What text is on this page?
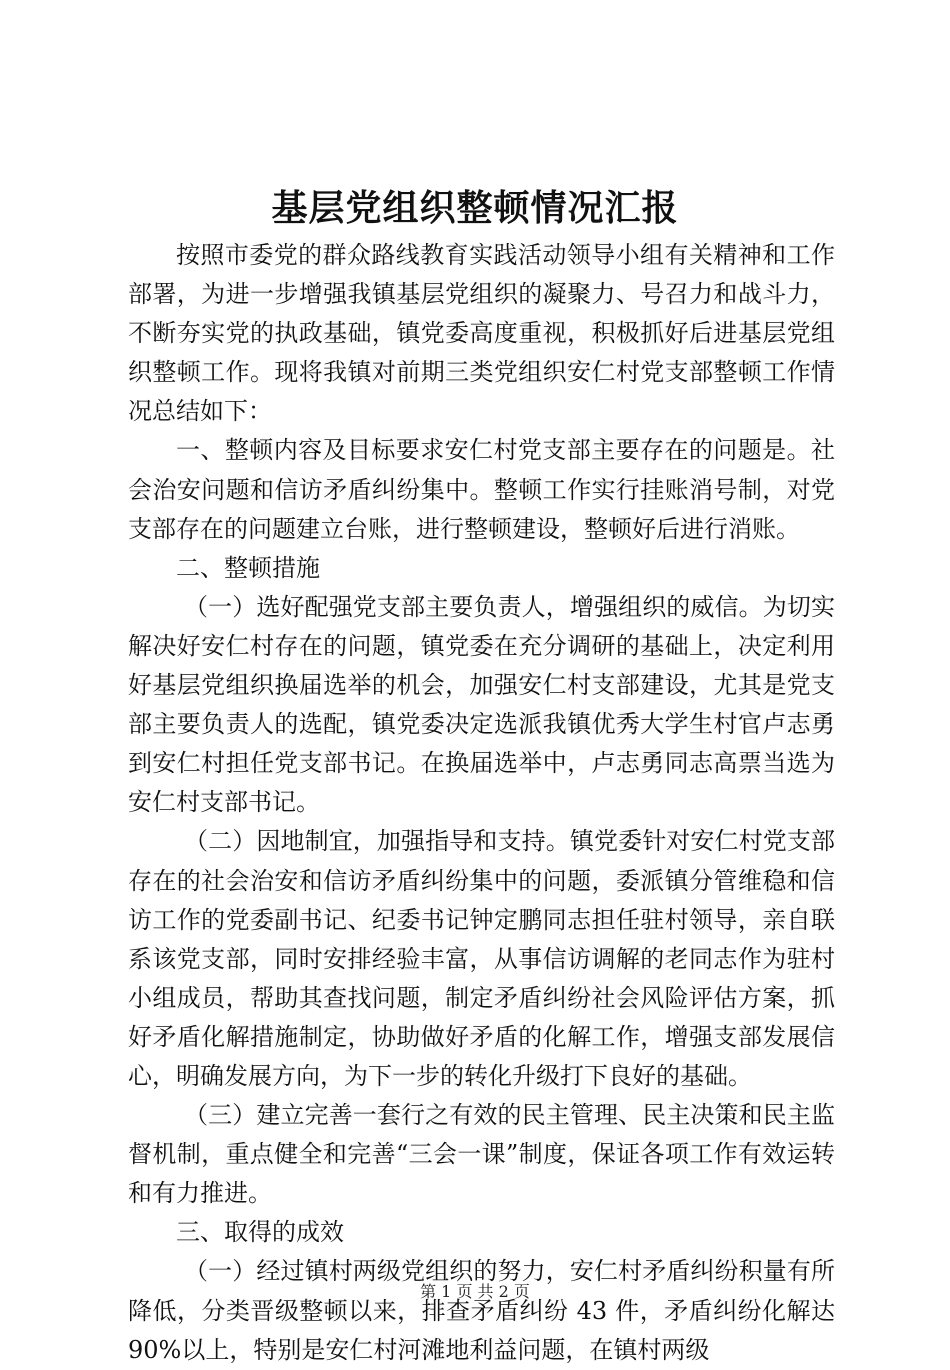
基层党组织整顿情况汇报

按照市委党的群众路线教育实践活动领导小组有关精神和工作部署，为进一步增强我镇基层党组织的凝聚力、号召力和战斗力，不断夯实党的执政基础，镇党委高度重视，积极抓好后进基层党组织整顿工作。现将我镇对前期三类党组织安仁村党支部整顿工作情况总结如下：

一、整顿内容及目标要求安仁村党支部主要存在的问题是。社会治安问题和信访矛盾纠纷集中。整顿工作实行挂账消号制，对党支部存在的问题建立台账，进行整顿建设，整顿好后进行消账。

二、整顿措施

（一）选好配强党支部主要负责人，增强组织的威信。为切实解决好安仁村存在的问题，镇党委在充分调研的基础上，决定利用好基层党组织换届选举的机会，加强安仁村支部建设，尤其是党支部主要负责人的选配，镇党委决定选派我镇优秀大学生村官卢志勇到安仁村担任党支部书记。在换届选举中，卢志勇同志高票当选为安仁村支部书记。

（二）因地制宜，加强指导和支持。镇党委针对安仁村党支部存在的社会治安和信访矛盾纠纷集中的问题，委派镇分管维稳和信访工作的党委副书记、纪委书记钟定鹏同志担任驻村领导，亲自联系该党支部，同时安排经验丰富，从事信访调解的老同志作为驻村小组成员，帮助其查找问题，制定矛盾纠纷社会风险评估方案，抓好矛盾化解措施制定，协助做好矛盾的化解工作，增强支部发展信心，明确发展方向，为下一步的转化升级打下良好的基础。

（三）建立完善一套行之有效的民主管理、民主决策和民主监督机制，重点健全和完善“三会一课”制度，保证各项工作有效运转和有力推进。

三、取得的成效

（一）经过镇村两级党组织的努力，安仁村矛盾纠纷积量有所降低，分类晋级整顿以来，排查矛盾纠纷 43 件，矛盾纠纷化解达 90%以上，特别是安仁村河滩地利益问题，在镇村两级

第 1 页 共 2 页
